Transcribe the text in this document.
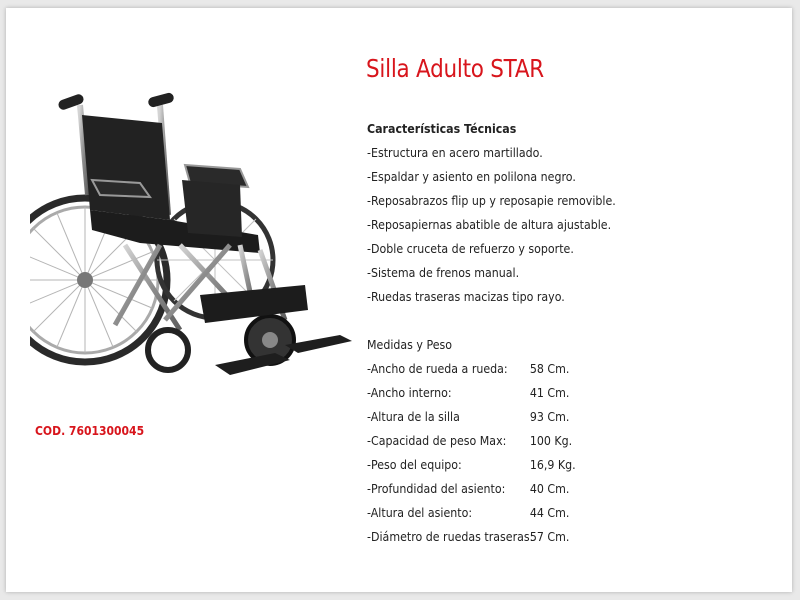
Silla Adulto STAR
Características Técnicas
-Estructura en acero martillado.
-Espaldar y asiento en polilona negro.
-Reposabrazos flip up y reposapie removible.
-Reposapiernas abatible de altura ajustable.
-Doble cruceta de refuerzo y soporte.
-Sistema de frenos manual.
-Ruedas traseras macizas tipo rayo.
Medidas y Peso
-Ancho de rueda a rueda:	58 Cm.
-Ancho interno:	41 Cm.
-Altura de la silla	93 Cm.
-Capacidad de peso Max:	100 Kg.
-Peso del equipo:	16,9 Kg.
-Profundidad del asiento:	40 Cm.
-Altura del asiento:	44 Cm.
-Diámetro de ruedas traseras:
57 Cm.
COD. 7601300045
